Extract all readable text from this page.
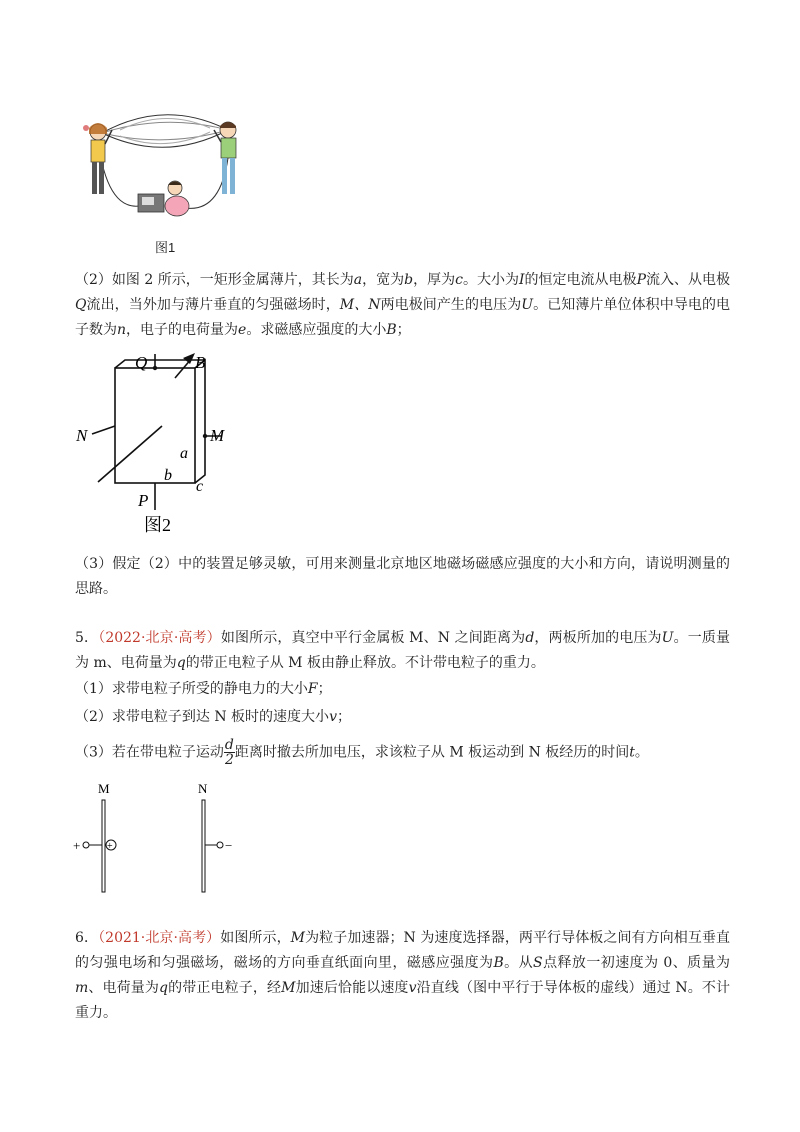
图1
（2）如图 2 所示，一矩形金属薄片，其长为a，宽为b，厚为c。大小为I的恒定电流从电极P流入、从电极Q流出，当外加与薄片垂直的匀强磁场时，M、N两电极间产生的电压为U。已知薄片单位体积中导电的电子数为n，电子的电荷量为e。求磁感应强度的大小B；
Q	B
N	M
a
b
c
P
图2
（3）假定（2）中的装置足够灵敏，可用来测量北京地区地磁场磁感应强度的大小和方向，请说明测量的思路。
5．（2022·北京·高考）如图所示，真空中平行金属板 M、N 之间距离为d，两板所加的电压为U。一质量为 m、电荷量为q的带正电粒子从 M 板由静止释放。不计带电粒子的重力。
（1）求带电粒子所受的静电力的大小F；
（2）求带电粒子到达 N 板时的速度大小v；
（3）若在带电粒子运动 $\frac{d}{2}$ 距离时撤去所加电压，求该粒子从 M 板运动到 N 板经历的时间t。
M	N
+	−
+
6．（2021·北京·高考）如图所示，M为粒子加速器；N 为速度选择器，两平行导体板之间有方向相互垂直的匀强电场和匀强磁场，磁场的方向垂直纸面向里，磁感应强度为B。从S点释放一初速度为 0、质量为m、电荷量为q的带正电粒子，经M加速后恰能以速度v沿直线（图中平行于导体板的虚线）通过 N。不计重力。
